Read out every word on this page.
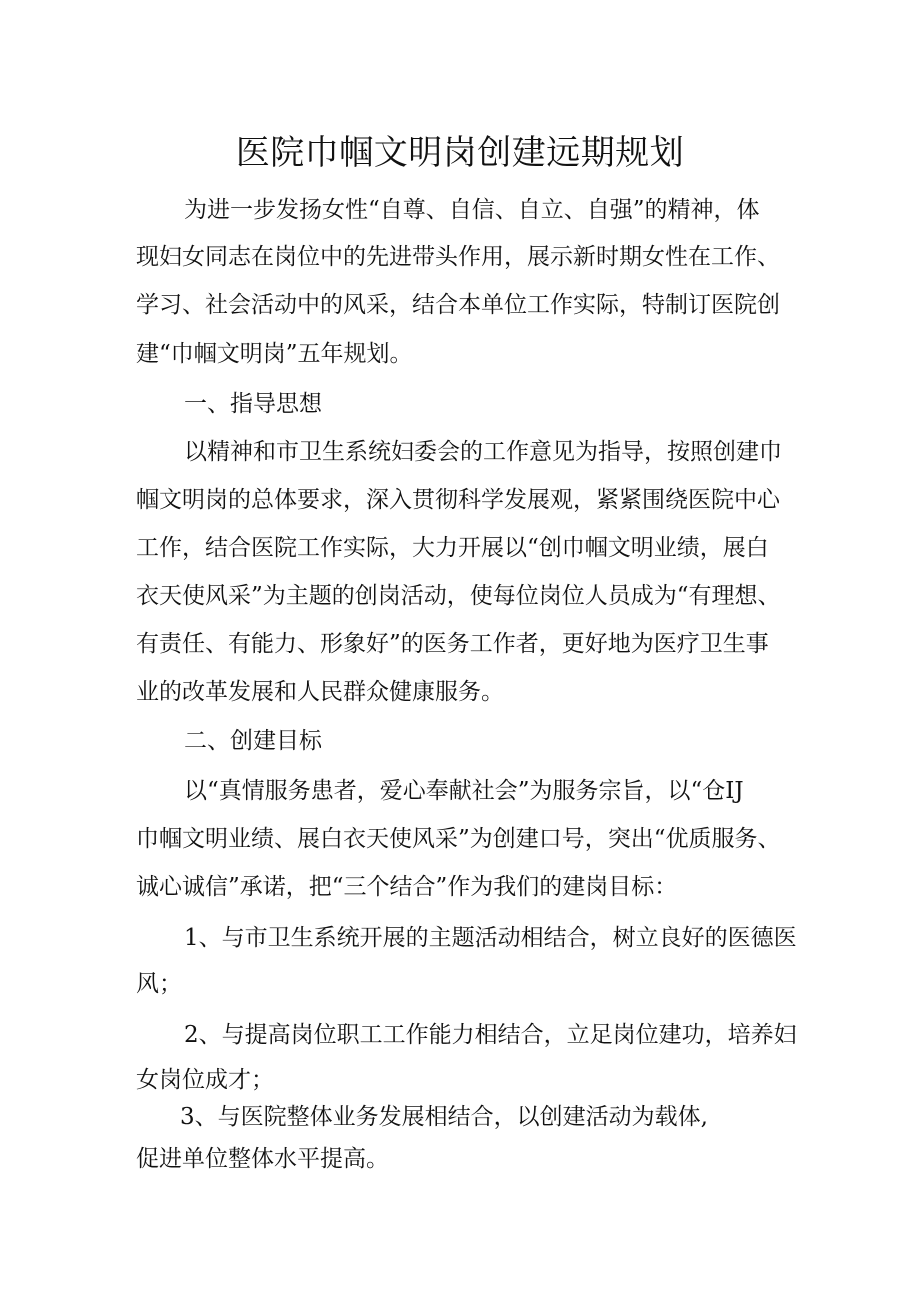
医院巾帼文明岗创建远期规划

为进一步发扬女性“自尊、自信、自立、自强”的精神，体

现妇女同志在岗位中的先进带头作用，展示新时期女性在工作、

学习、社会活动中的风采，结合本单位工作实际，特制订医院创

建“巾帼文明岗”五年规划。

一、指导思想

以精神和市卫生系统妇委会的工作意见为指导，按照创建巾

帼文明岗的总体要求，深入贯彻科学发展观，紧紧围绕医院中心

工作，结合医院工作实际，大力开展以“创巾帼文明业绩，展白

衣天使风采”为主题的创岗活动，使每位岗位人员成为“有理想、

有责任、有能力、形象好”的医务工作者，更好地为医疗卫生事

业的改革发展和人民群众健康服务。

二、创建目标

以“真情服务患者，爱心奉献社会”为服务宗旨，以“仓IJ

巾帼文明业绩、展白衣天使风采”为创建口号，突出“优质服务、

诚心诚信”承诺，把“三个结合”作为我们的建岗目标：

1、与市卫生系统开展的主题活动相结合，树立良好的医德医

风；

2、与提高岗位职工工作能力相结合，立足岗位建功，培养妇

女岗位成才；

3、与医院整体业务发展相结合，以创建活动为载体,

促进单位整体水平提高。
